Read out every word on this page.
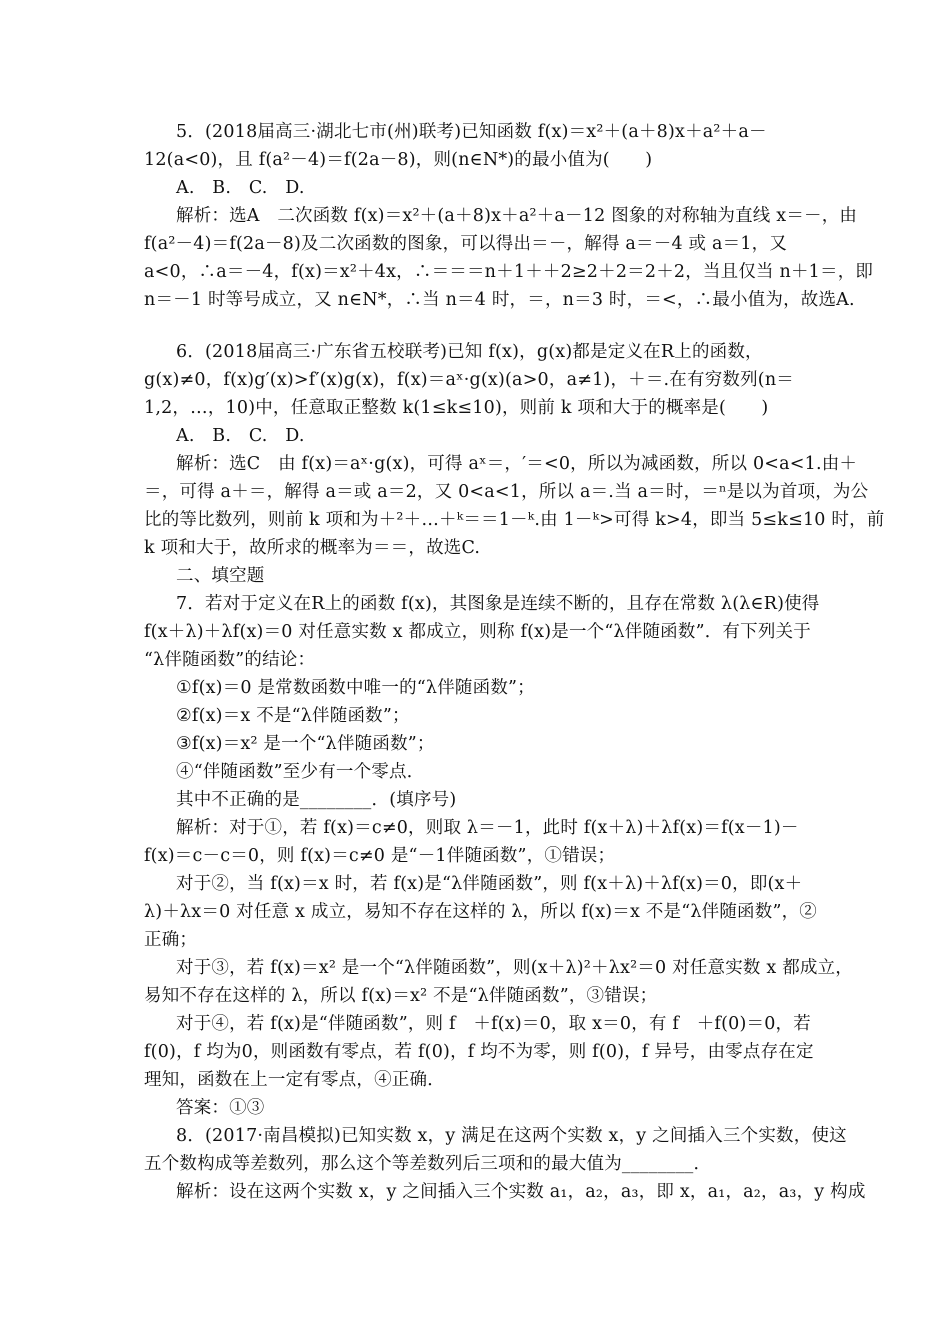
5．(2018届高三·湖北七市(州)联考)已知函数 f(x)＝x²＋(a＋8)x＋a²＋a－
12(a<0)，且 f(a²－4)＝f(2a－8)，则(n∈N*)的最小值为(　　)
A.　B.　C.　D.
解析：选A　二次函数 f(x)＝x²＋(a＋8)x＋a²＋a－12 图象的对称轴为直线 x＝－，由
f(a²－4)＝f(2a－8)及二次函数的图象，可以得出＝－，解得 a＝－4 或 a＝1，又
a<0，∴a＝－4，f(x)＝x²＋4x，∴＝＝＝n＋1＋＋2≥2＋2＝2＋2，当且仅当 n＋1＝，即
n＝－1 时等号成立，又 n∈N*，∴当 n＝4 时，＝，n＝3 时，＝<，∴最小值为，故选A.
6．(2018届高三·广东省五校联考)已知 f(x)，g(x)都是定义在R上的函数，
g(x)≠0，f(x)g′(x)>f′(x)g(x)，f(x)＝aˣ·g(x)(a>0，a≠1)，＋＝.在有穷数列(n＝
1,2，…，10)中，任意取正整数 k(1≤k≤10)，则前 k 项和大于的概率是(　　)
A.　B.　C.　D.
解析：选C　由 f(x)＝aˣ·g(x)，可得 aˣ＝，′＝<0，所以为减函数，所以 0<a<1.由＋
＝，可得 a＋＝，解得 a＝或 a＝2，又 0<a<1，所以 a＝.当 a＝时，＝ⁿ是以为首项，为公
比的等比数列，则前 k 项和为＋²＋…＋ᵏ＝＝1－ᵏ.由 1－ᵏ>可得 k>4，即当 5≤k≤10 时，前
k 项和大于，故所求的概率为＝＝，故选C.
二、填空题
7．若对于定义在R上的函数 f(x)，其图象是连续不断的，且存在常数 λ(λ∈R)使得
f(x＋λ)＋λf(x)＝0 对任意实数 x 都成立，则称 f(x)是一个“λ伴随函数”．有下列关于
“λ伴随函数”的结论：
①f(x)＝0 是常数函数中唯一的“λ伴随函数”；
②f(x)＝x 不是“λ伴随函数”；
③f(x)＝x² 是一个“λ伴随函数”；
④“伴随函数”至少有一个零点．
其中不正确的是________．(填序号)
解析：对于①，若 f(x)＝c≠0，则取 λ＝－1，此时 f(x＋λ)＋λf(x)＝f(x－1)－
f(x)＝c－c＝0，则 f(x)＝c≠0 是“－1伴随函数”，①错误；
对于②，当 f(x)＝x 时，若 f(x)是“λ伴随函数”，则 f(x＋λ)＋λf(x)＝0，即(x＋
λ)＋λx＝0 对任意 x 成立，易知不存在这样的 λ，所以 f(x)＝x 不是“λ伴随函数”，②
正确；
对于③，若 f(x)＝x² 是一个“λ伴随函数”，则(x＋λ)²＋λx²＝0 对任意实数 x 都成立，
易知不存在这样的 λ，所以 f(x)＝x² 不是“λ伴随函数”，③错误；
对于④，若 f(x)是“伴随函数”，则 f　＋f(x)＝0，取 x＝0，有 f　＋f(0)＝0，若
f(0)，f 均为0，则函数有零点，若 f(0)，f 均不为零，则 f(0)，f 异号，由零点存在定
理知，函数在上一定有零点，④正确．
答案：①③
8．(2017·南昌模拟)已知实数 x，y 满足在这两个实数 x，y 之间插入三个实数，使这
五个数构成等差数列，那么这个等差数列后三项和的最大值为________．
解析：设在这两个实数 x，y 之间插入三个实数 a₁，a₂，a₃，即 x，a₁，a₂，a₃，y 构成
